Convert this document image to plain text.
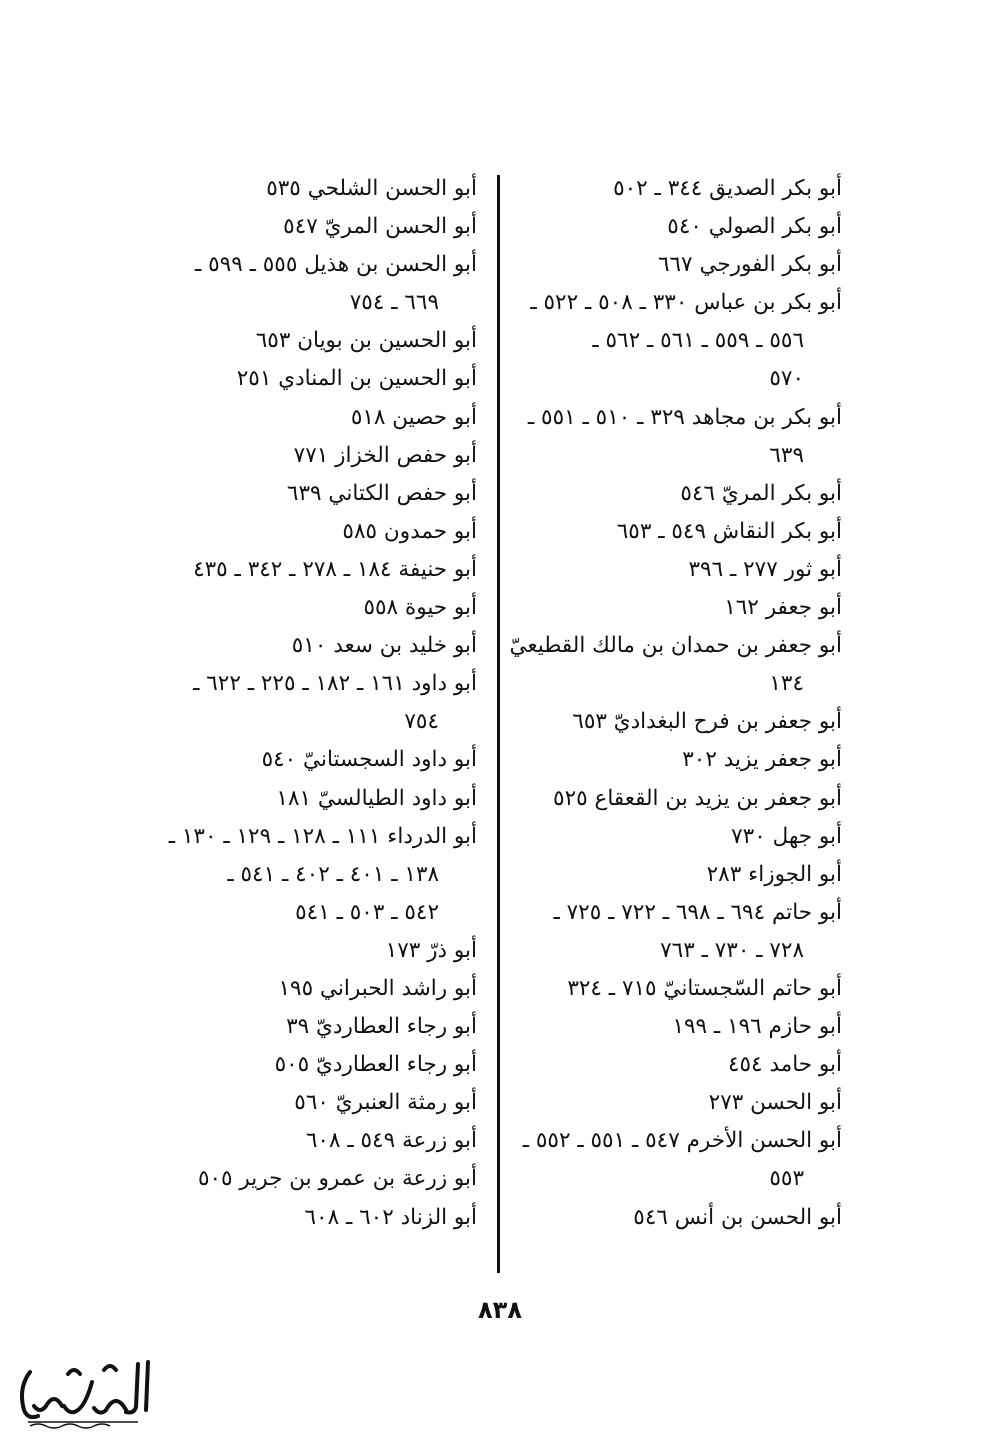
أبو بكر الصديق ٣٤٤ ـ ٥٠٢
أبو بكر الصولي ٥٤٠
أبو بكر الفورجي ٦٦٧
أبو بكر بن عباس ٣٣٠ ـ ٥٠٨ ـ ٥٢٢ ـ
٥٥٦ ـ ٥٥٩ ـ ٥٦١ ـ ٥٦٢ ـ
٥٧٠
أبو بكر بن مجاهد ٣٢٩ ـ ٥١٠ ـ ٥٥١ ـ
٦٣٩
أبو بكر المريّ ٥٤٦
أبو بكر النقاش ٥٤٩ ـ ٦٥٣
أبو ثور ٢٧٧ ـ ٣٩٦
أبو جعفر ١٦٢
أبو جعفر بن حمدان بن مالك القطيعيّ
١٣٤
أبو جعفر بن فرح البغداديّ ٦٥٣
أبو جعفر يزيد ٣٠٢
أبو جعفر بن يزيد بن القعقاع ٥٢٥
أبو جهل ٧٣٠
أبو الجوزاء ٢٨٣
أبو حاتم ٦٩٤ ـ ٦٩٨ ـ ٧٢٢ ـ ٧٢٥ ـ
٧٢٨ ـ ٧٣٠ ـ ٧٦٣
أبو حاتم السّجستانيّ ٧١٥ ـ ٣٢٤
أبو حازم ١٩٦ ـ ١٩٩
أبو حامد ٤٥٤
أبو الحسن ٢٧٣
أبو الحسن الأخرم ٥٤٧ ـ ٥٥١ ـ ٥٥٢ ـ
٥٥٣
أبو الحسن بن أنس ٥٤٦
أبو الحسن الشلحي ٥٣٥
أبو الحسن المريّ ٥٤٧
أبو الحسن بن هذيل ٥٥٥ ـ ٥٩٩ ـ
٦٦٩ ـ ٧٥٤
أبو الحسين بن بويان ٦٥٣
أبو الحسين بن المنادي ٢٥١
أبو حصين ٥١٨
أبو حفص الخزاز ٧٧١
أبو حفص الكتاني ٦٣٩
أبو حمدون ٥٨٥
أبو حنيفة ١٨٤ ـ ٢٧٨ ـ ٣٤٢ ـ ٤٣٥
أبو حيوة ٥٥٨
أبو خليد بن سعد ٥١٠
أبو داود ١٦١ ـ ١٨٢ ـ ٢٢٥ ـ ٦٢٢ ـ
٧٥٤
أبو داود السجستانيّ ٥٤٠
أبو داود الطيالسيّ ١٨١
أبو الدرداء ١١١ ـ ١٢٨ ـ ١٢٩ ـ ١٣٠ ـ
١٣٨ ـ ٤٠١ ـ ٤٠٢ ـ ٥٤١ ـ
٥٤٢ ـ ٥٠٣ ـ ٥٤١
أبو ذرّ ١٧٣
أبو راشد الحبراني ١٩٥
أبو رجاء العطارديّ ٣٩
أبو رجاء العطارديّ ٥٠٥
أبو رمثة العنبريّ ٥٦٠
أبو زرعة ٥٤٩ ـ ٦٠٨
أبو زرعة بن عمرو بن جرير ٥٠٥
أبو الزناد ٦٠٢ ـ ٦٠٨
٨٣٨
